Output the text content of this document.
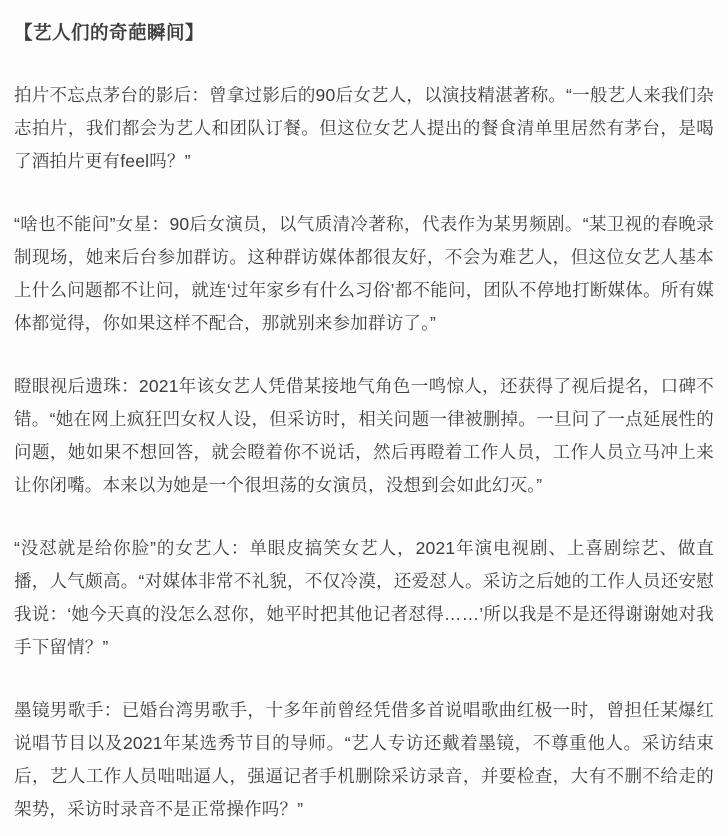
【艺人们的奇葩瞬间】

拍片不忘点茅台的影后：曾拿过影后的90后女艺人，以演技精湛著称。“一般艺人来我们杂志拍片，我们都会为艺人和团队订餐。但这位女艺人提出的餐食清单里居然有茅台，是喝了酒拍片更有feel吗？”

“啥也不能问”女星：90后女演员，以气质清冷著称，代表作为某男频剧。“某卫视的春晚录制现场，她来后台参加群访。这种群访媒体都很友好，不会为难艺人，但这位女艺人基本上什么问题都不让问，就连‘过年家乡有什么习俗’都不能问，团队不停地打断媒体。所有媒体都觉得，你如果这样不配合，那就别来参加群访了。”

瞪眼视后遗珠：2021年该女艺人凭借某接地气角色一鸣惊人，还获得了视后提名，口碑不错。“她在网上疯狂凹女权人设，但采访时，相关问题一律被删掉。一旦问了一点延展性的问题，她如果不想回答，就会瞪着你不说话，然后再瞪着工作人员，工作人员立马冲上来让你闭嘴。本来以为她是一个很坦荡的女演员，没想到会如此幻灭。”

“没怼就是给你脸”的女艺人：单眼皮搞笑女艺人，2021年演电视剧、上喜剧综艺、做直播，人气颇高。“对媒体非常不礼貌，不仅冷漠，还爱怼人。采访之后她的工作人员还安慰我说：‘她今天真的没怎么怼你，她平时把其他记者怼得……’所以我是不是还得谢谢她对我手下留情？”

墨镜男歌手：已婚台湾男歌手，十多年前曾经凭借多首说唱歌曲红极一时，曾担任某爆红说唱节目以及2021年某选秀节目的导师。“艺人专访还戴着墨镜，不尊重他人。采访结束后，艺人工作人员咄咄逼人，强逼记者手机删除采访录音，并要检查，大有不删不给走的架势，采访时录音不是正常操作吗？”
